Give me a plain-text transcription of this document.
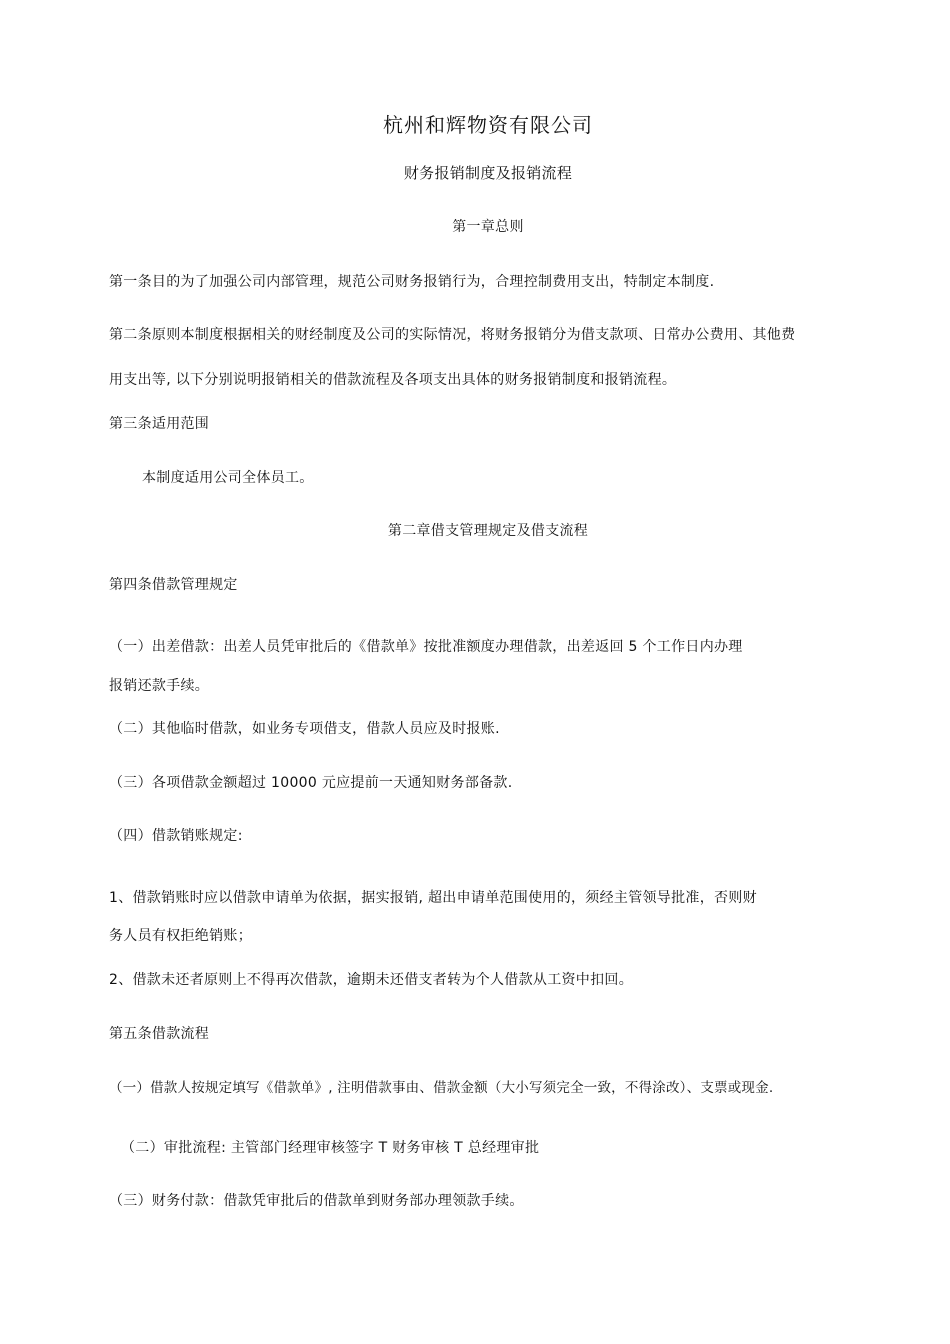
杭州和辉物资有限公司
财务报销制度及报销流程
第一章总则
第一条目的为了加强公司内部管理，规范公司财务报销行为，合理控制费用支出，特制定本制度.
第二条原则本制度根据相关的财经制度及公司的实际情况，将财务报销分为借支款项、日常办公费用、其他费
用支出等, 以下分别说明报销相关的借款流程及各项支出具体的财务报销制度和报销流程。
第三条适用范围
本制度适用公司全体员工。
第二章借支管理规定及借支流程
第四条借款管理规定
（一）出差借款：出差人员凭审批后的《借款单》按批准额度办理借款，出差返回 5 个工作日内办理
报销还款手续。
（二）其他临时借款，如业务专项借支，借款人员应及时报账.
（三）各项借款金额超过 10000 元应提前一天通知财务部备款.
（四）借款销账规定:
1、借款销账时应以借款申请单为依据，据实报销, 超出申请单范围使用的，须经主管领导批准，否则财
务人员有权拒绝销账；
2、借款未还者原则上不得再次借款，逾期未还借支者转为个人借款从工资中扣回。
第五条借款流程
（一）借款人按规定填写《借款单》, 注明借款事由、借款金额（大小写须完全一致，不得涂改）、支票或现金.
（二）审批流程: 主管部门经理审核签字 T 财务审核 T 总经理审批
（三）财务付款：借款凭审批后的借款单到财务部办理领款手续。
